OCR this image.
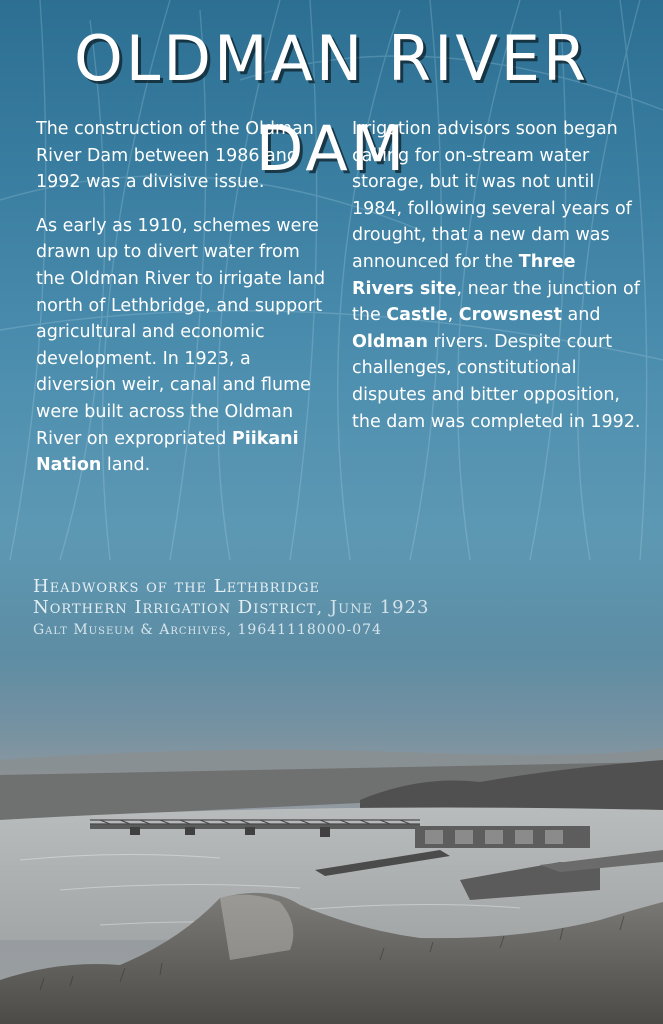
OLDMAN RIVER DAM

The construction of the Oldman River Dam between 1986 and 1992 was a divisive issue.

As early as 1910, schemes were drawn up to divert water from the Oldman River to irrigate land north of Lethbridge, and support agricultural and economic development. In 1923, a diversion weir, canal and flume were built across the Oldman River on expropriated Piikani Nation land.

Irrigation advisors soon began calling for on-stream water storage, but it was not until 1984, following several years of drought, that a new dam was announced for the Three Rivers site, near the junction of the Castle, Crowsnest and Oldman rivers. Despite court challenges, constitutional disputes and bitter opposition, the dam was completed in 1992.

Headworks of the Lethbridge
Northern Irrigation District, June 1923
Galt Museum & Archives, 19641118000-074
